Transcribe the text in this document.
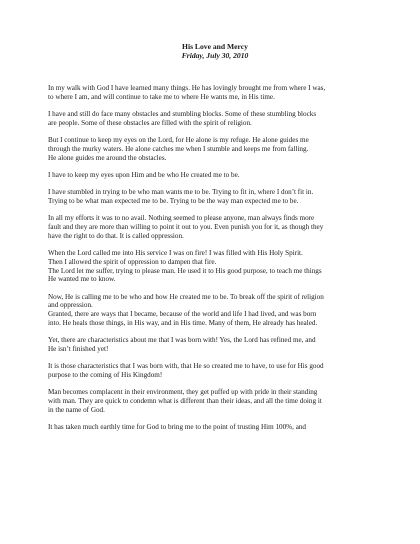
His Love and Mercy

Friday, July 30, 2010

In my walk with God I have learned many things. He has lovingly brought me from where I was,
to where I am, and will continue to take me to where He wants me, in His time.

I have and still do face many obstacles and stumbling blocks. Some of these stumbling blocks
are people. Some of these obstacles are filled with the spirit of religion.

But I continue to keep my eyes on the Lord, for He alone is my refuge. He alone guides me
through the murky waters. He alone catches me when I stumble and keeps me from falling.
He alone guides me around the obstacles.

I have to keep my eyes upon Him and be who He created me to be.

I have stumbled in trying to be who man wants me to be. Trying to fit in, where I don’t fit in.
Trying to be what man expected me to be. Trying to be the way man expected me to be.

In all my efforts it was to no avail. Nothing seemed to please anyone, man always finds more
fault and they are more than willing to point it out to you. Even punish you for it, as though they
have the right to do that. It is called oppression.

When the Lord called me into His service I was on fire! I was filled with His Holy Spirit.
Then I allowed the spirit of oppression to dampen that fire.
The Lord let me suffer, trying to please man. He used it to His good purpose, to teach me things
He wanted me to know.

Now, He is calling me to be who and how He created me to be. To break off the spirit of religion
and oppression.
Granted, there are ways that I became, because of the world and life I had lived, and was born
into. He heals those things, in His way, and in His time. Many of them, He already has healed.

Yet, there are characteristics about me that I was born with! Yes, the Lord has refined me, and
He isn’t finished yet!

It is those characteristics that I was born with, that He so created me to have, to use for His good
purpose to the coming of His Kingdom!

Man becomes complacent in their environment, they get puffed up with pride in their standing
with man. They are quick to condemn what is different than their ideas, and all the time doing it
in the name of God.

It has taken much earthly time for God to bring me to the point of trusting Him 100%, and
